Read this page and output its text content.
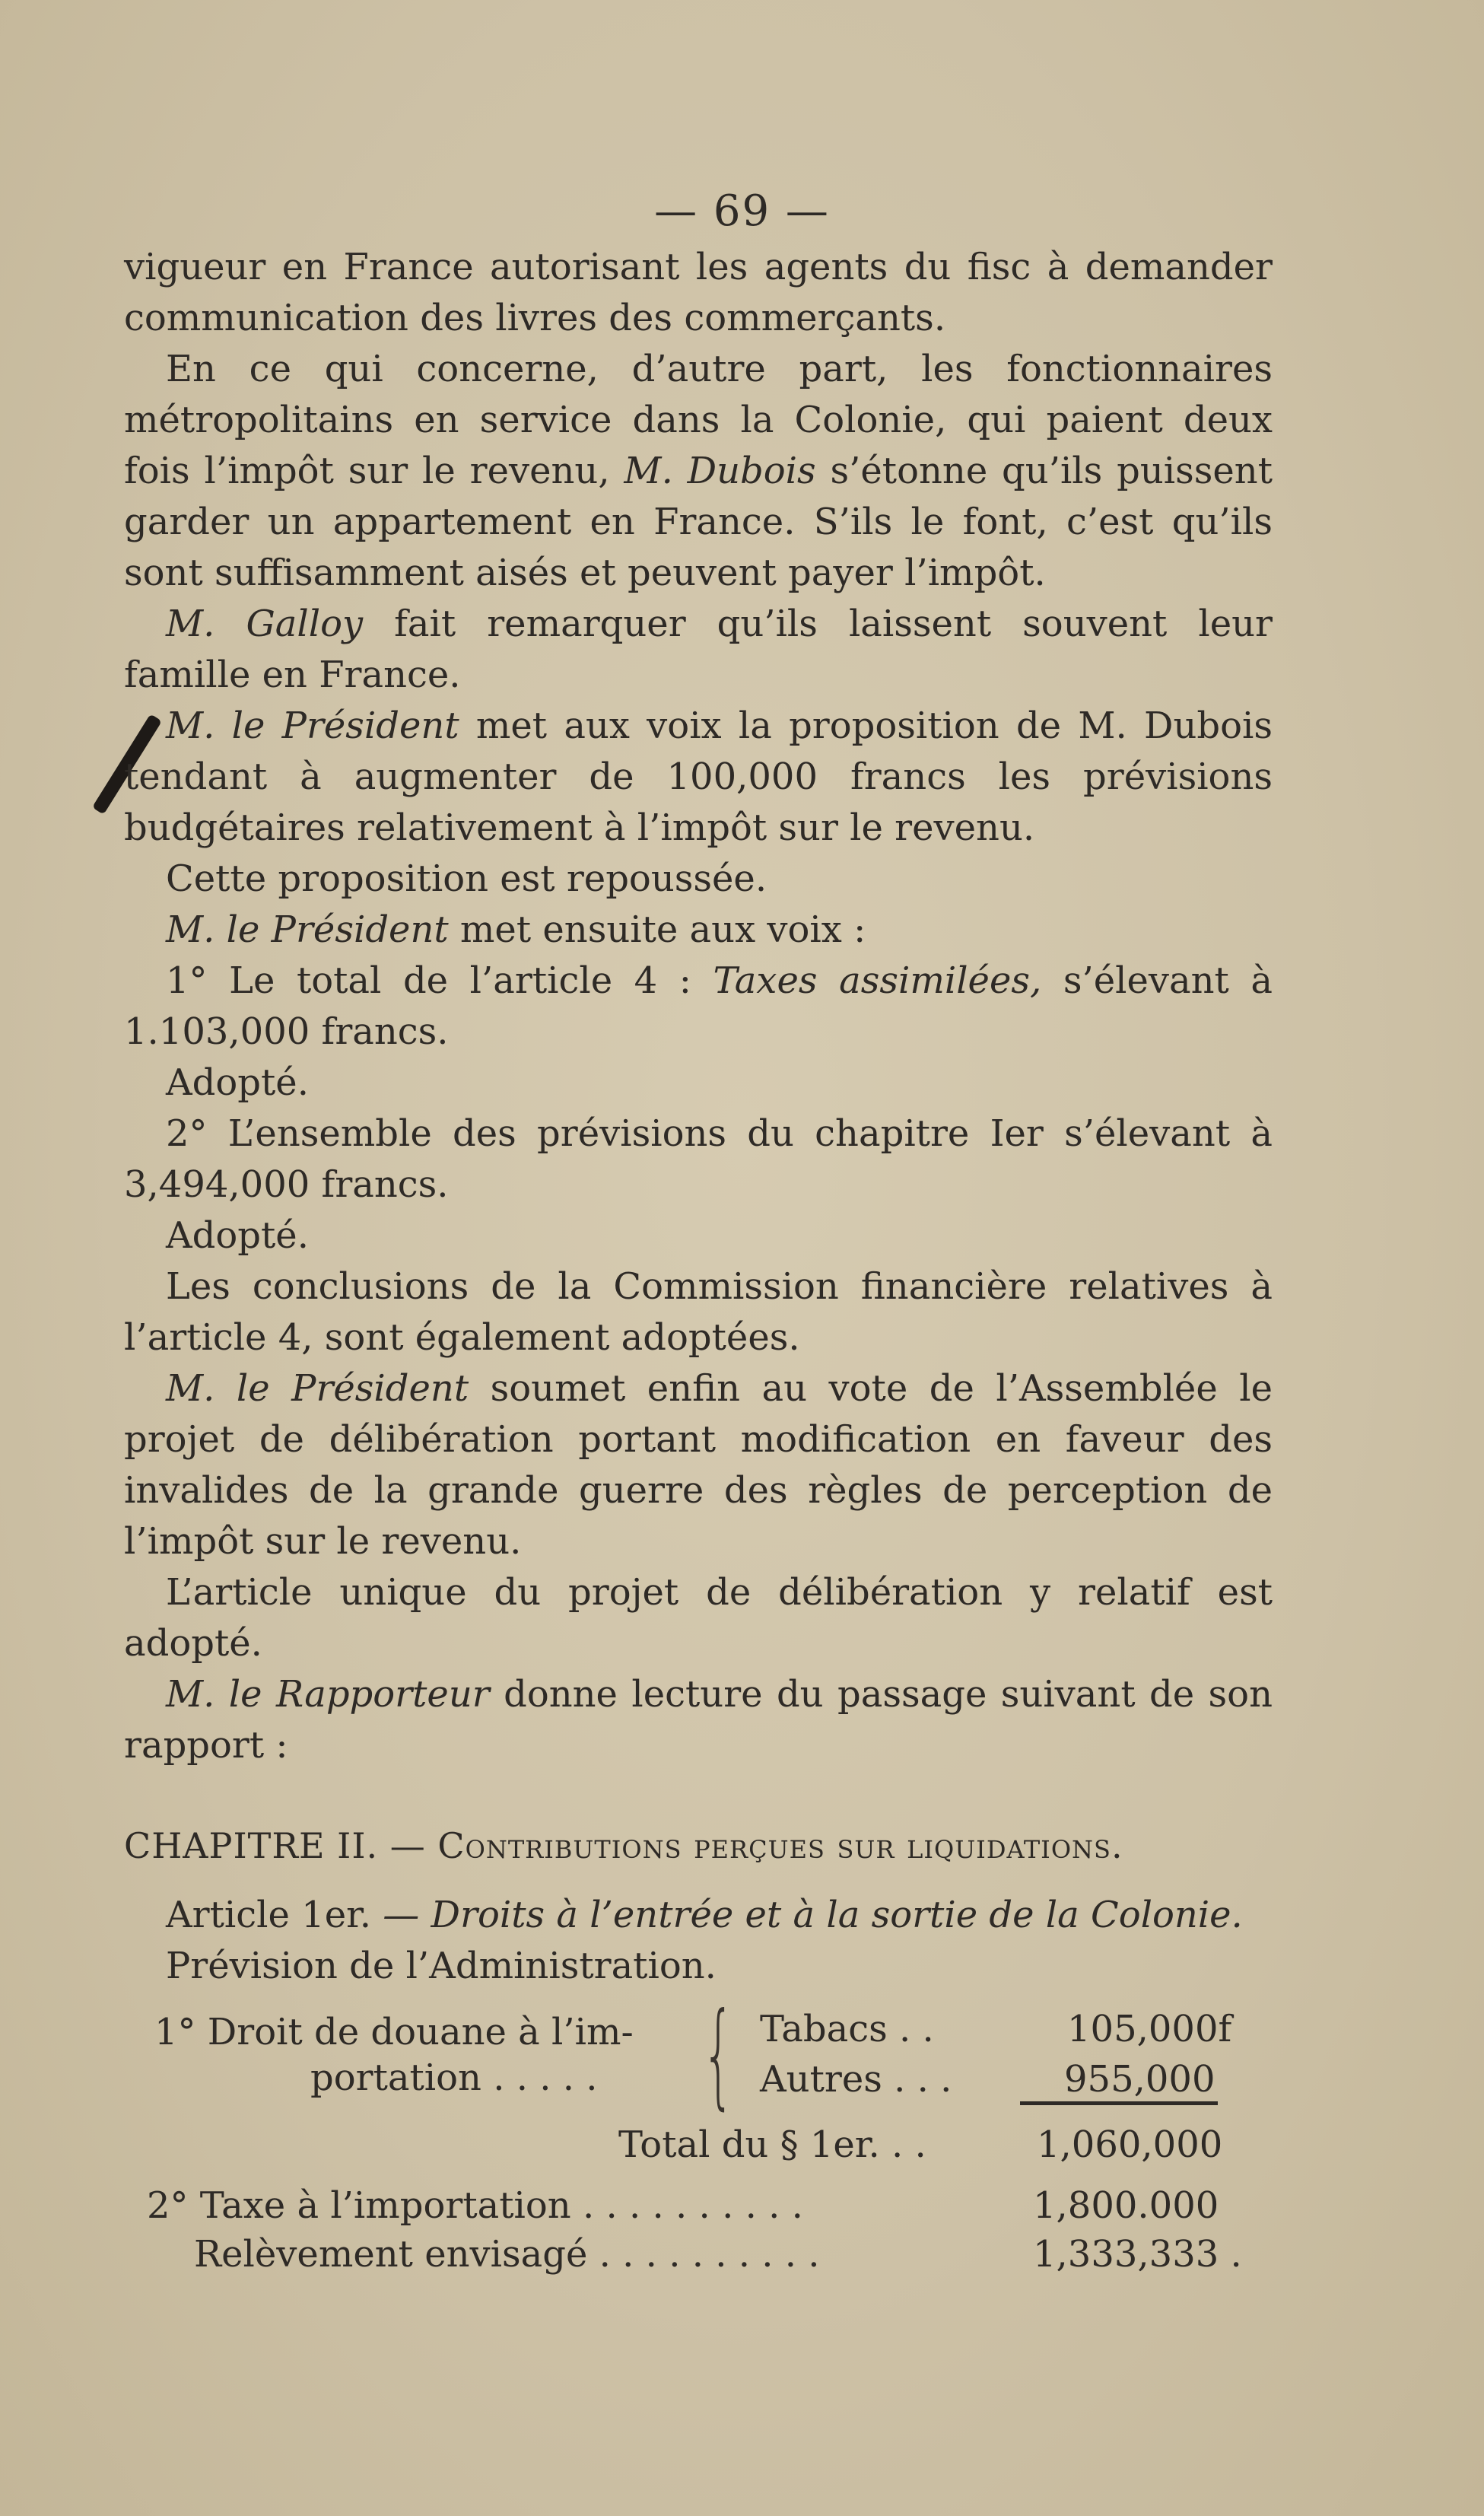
— 69 —

vigueur en France autorisant les agents du fisc à demander communication des livres des commerçants.

En ce qui concerne, d’autre part, les fonctionnaires métropolitains en service dans la Colonie, qui paient deux fois l’impôt sur le revenu, M. Dubois s’étonne qu’ils puissent garder un appartement en France. S’ils le font, c’est qu’ils sont suffisamment aisés et peuvent payer l’impôt.

M. Galloy fait remarquer qu’ils laissent souvent leur famille en France.

M. le Président met aux voix la proposition de M. Dubois tendant à augmenter de 100,000 francs les prévisions budgétaires relativement à l’impôt sur le revenu.

Cette proposition est repoussée.

M. le Président met ensuite aux voix :

1° Le total de l’article 4 : Taxes assimilées, s’élevant à 1.103,000 francs.

Adopté.

2° L’ensemble des prévisions du chapitre Ier s’élevant à 3,494,000 francs.

Adopté.

Les conclusions de la Commission financière relatives à l’article 4, sont également adoptées.

M. le Président soumet enfin au vote de l’Assemblée le projet de délibération portant modification en faveur des invalides de la grande guerre des règles de perception de l’impôt sur le revenu.

L’article unique du projet de délibération y relatif est adopté.

M. le Rapporteur donne lecture du passage suivant de son rapport :

CHAPITRE II. — Contributions perçues sur liquidations.

Article 1er. — Droits à l’entrée et à la sortie de la Colonie.

Prévision de l’Administration.

1° Droit de douane à l’im-
portation . . . . . { Tabacs . .	105,000f
Autres . . .	955,000
Total du § 1er. . .	1,060,000
2° Taxe à l’importation . . . . . . . . . .	1,800.000
Relèvement envisagé . . . . . . . . . .	1,333,333 .
